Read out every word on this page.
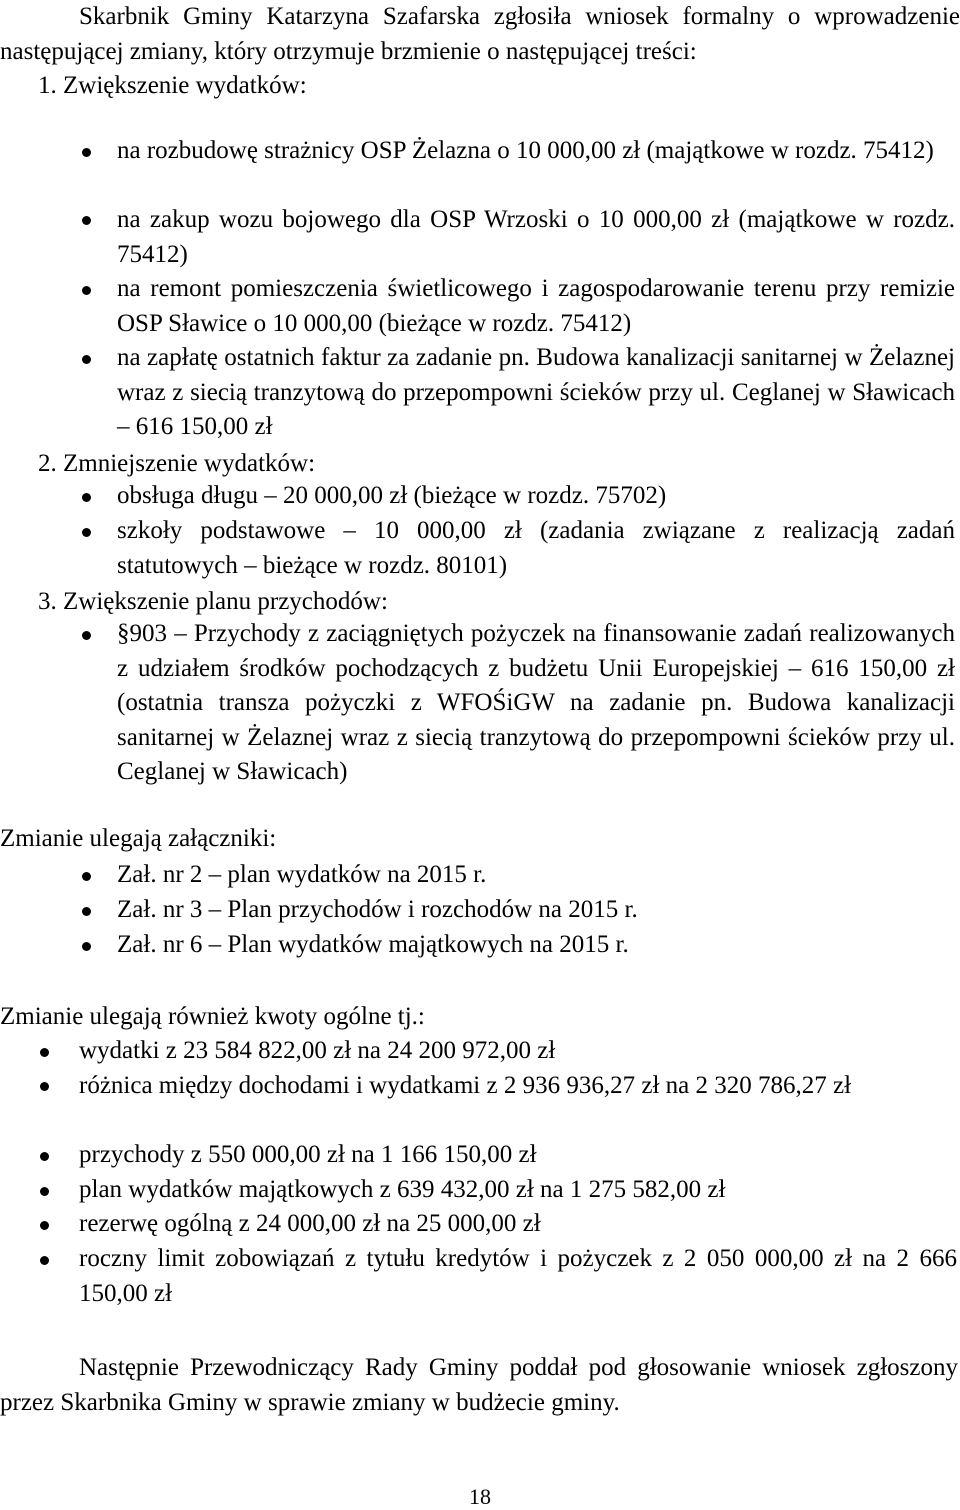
Skarbnik Gminy Katarzyna Szafarska zgłosiła wniosek formalny o wprowadzenie następującej zmiany, który otrzymuje brzmienie o następującej treści:
1. Zwiększenie wydatków:
na rozbudowę strażnicy OSP Żelazna o 10 000,00 zł (majątkowe w rozdz. 75412)
na zakup wozu bojowego dla OSP Wrzoski o 10 000,00 zł (majątkowe w rozdz. 75412)
na remont pomieszczenia świetlicowego i zagospodarowanie terenu przy remizie OSP Sławice o 10 000,00 (bieżące w rozdz. 75412)
na zapłatę ostatnich faktur za zadanie pn. Budowa kanalizacji sanitarnej w Żelaznej wraz z siecią tranzytową do przepompowni ścieków przy ul. Ceglanej w Sławicach – 616 150,00 zł
2. Zmniejszenie wydatków:
obsługa długu – 20 000,00 zł (bieżące w rozdz. 75702)
szkoły podstawowe – 10 000,00 zł (zadania związane z realizacją zadań statutowych – bieżące w rozdz. 80101)
3. Zwiększenie planu przychodów:
§903 – Przychody z zaciągniętych pożyczek na finansowanie zadań realizowanych z udziałem środków pochodzących z budżetu Unii Europejskiej – 616 150,00 zł (ostatnia transza pożyczki z WFOŚiGW na zadanie pn. Budowa kanalizacji sanitarnej w Żelaznej wraz z siecią tranzytową do przepompowni ścieków przy ul. Ceglanej w Sławicach)
Zmianie ulegają załączniki:
Zał. nr 2 – plan wydatków na 2015 r.
Zał. nr 3 – Plan przychodów i rozchodów na 2015 r.
Zał. nr 6 – Plan wydatków majątkowych na 2015 r.
Zmianie ulegają również kwoty ogólne tj.:
wydatki z 23 584 822,00 zł na 24 200 972,00 zł
różnica między dochodami i wydatkami z 2 936 936,27 zł na 2 320 786,27 zł
przychody z 550 000,00 zł na 1 166 150,00 zł
plan wydatków majątkowych z 639 432,00 zł na 1 275 582,00 zł
rezerwę ogólną z 24 000,00 zł na 25 000,00 zł
roczny limit zobowiązań z tytułu kredytów i pożyczek z 2 050 000,00 zł na 2 666 150,00 zł
Następnie Przewodniczący Rady Gminy poddał pod głosowanie wniosek zgłoszony przez Skarbnika Gminy w sprawie zmiany w budżecie gminy.
18
